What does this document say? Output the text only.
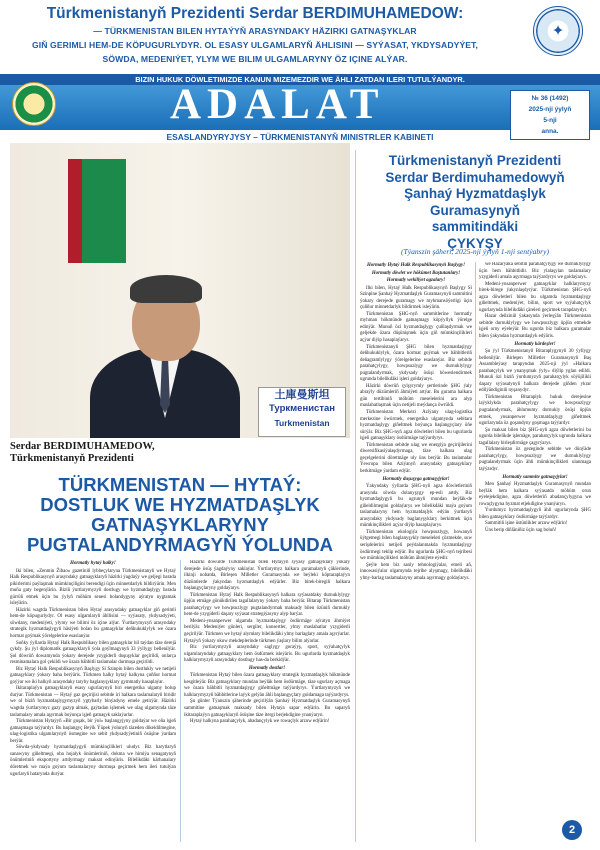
Türkmenistanyň Prezidenti Serdar BERDIMUHAMEDOW:
— TÜRKMENISTAN BILEN HYTAÝYŇ ARASYNDAKY HÄZIRKI GATNAŞYKLAR
GIŇ GERIMLI HEM-DE KÖPUGURLYDYR. OL ESASY ULGAMLARYŇ ÄHLISINI — SYÝASAT, YKDYSADYÝET,
SÖWDA, MEDENIÝET, YLYM WE BILIM ULGAMLARYNY ÖZ IÇINE ALÝAR.
✦
BIZIN HUKUK DÖWLETIMIZDE KANUN MIZEMEZDIR WE ÄHLI ZATDAN ILERI TUTULÝANDYR.
ADALAT	№ 36 (1492)
2025-nji ýylyň
5-nji
anna.
ESASLANDYRYJYSY – TÜRKMENISTANYŇ MINISTRLER KABINETI
土庫曼斯坦
Туркменистан
Turkmenistan
Serdar BERDIMUHAMEDOW,
Türkmenistanyň Prezidenti
TÜRKMENISTAN — HYTAÝ:
DOSTLUK WE HYZMATDAŞLYK
GATNAŞYKLARYNY
PUGTALANDYRMAGYŇ ÝOLUNDA
Türkmenistanyň Prezidenti
Serdar Berdimuhamedowyň
Şanhaý Hyzmatdaşlyk Guramasynyň
sammitindäki
ÇYKYŞY
(Týanszin şäheri, 2025-nji ýylyň 1-nji sentýabry)

Hormatly hytaý halky!

Iki bilen, «Zenmin Žibao» gazetiniň lybbeçylaryna Türkmenistanyň we Hytaý Halk Respublikasynyň arasyndaky gatnaşyklaryň häzirki ýagdaýy we geljegi barada pikirlerimi paýlaşmak mümkinçiligini berendigi üçin minnetdarlyk bildirýärin. Men muňa gaty begenýärin. Biziň ýurtlarymyzyň dostlugy we hyzmatdaşlygy barada gürrüň etmek üçin bu ýylyň möhüm senesi bolandygyny aýratyn nygtamak isleýärin.

Häzirki wagtda Türkmenistan bilen Hytaý arasyndaky gatnaşyklar giň gerimli hem-de köpugurlydyr. Ol esasy ulgamlaryň ähllisini — syýasaty, ykdysadyýeti, söwdany, medeniýeti, ylymy we bilimi öz içine alýar. Ýurtlarymyzyň arasyndaky strategik hyzmatdaşlygyň häsiýeti bolan bu gatnaşyklar deňhukuklylyk we özara hormat goýmak ýörelgelerine esaslanýar.

Soňky ýyllarda Hytaý Halk Respublikasy bilen gatnaşyklar hil taýdan täze derejä çykdy. Şu ýyl diplomatik gatnaşyklaryň ýola goýlmagynyň 33 ýyllygy bellenilýär. Şol döwrüň dowamynda ýokary derejede yzygiderli duşuşyklar geçirildi, onlarça resminamalara gol çekildi we özara bähbitli taslamalar durmuşa geçirildi.

Biz Hytaý Halk Respublikasynyň Başlygy Si Szinpin bilen dostlukly we netijeli gatnaşyklary ýokary baha berýäris. Türkmen halky hytaý halkyna çuňňur hormat goýýar we iki halkyň arasyndaky taryhy baglanyşyklary gymmatly hasaplaýar.

Ikitaraplaýyn gatnaşyklaryň esasy ugurlarynyň biri energetika ulgamy bolup durýar. Türkmenistan — Hytaý gaz geçirijisi sebitde iri halkara taslamalaryň biridir we ol biziň hyzmatdaşlygymyzyň ygtybarly binýadyny emele getirýär. Häzirki wagtda ýurtlarymyz gazy gazyp almak, gaýtadan işlemek we ulag ulgamynda täze taslamalary amala aşyrmak boýunça işjeň gatnaşyk saklaýarlar.

Türkmenistan Hytaýyň «Bir guşak, bir ýol» başlangyjyny goldaýar we oňa işjeň gatnaşmaga taýýardyr. Bu başlangyç Beýik Ýüpek ýolunyň täzeden dikeldilmegine, ulag-logistika ulgamlarynyň ösmegine we sebit ykdysadyýetiniň ösüşine ýardam berýär.

Söwda-ykdysady hyzmatdaşlygyň mümkinçilikleri uludyr. Biz harytlaryň sanawyny giňeltmegi, oba hojalyk önümleriniň, dokma we himiýa senagatynyň önümleriniň eksportyny artdyrmagy maksat edinýäris. Bilelikdäki kärhanalary döretmek we maýa goýum taslamalaryny durmuşa geçirmek hem ileri tutulýan ugurlaryň hatarynda durýar.

Häzirki döwürde Türkmenistan bilen Hytaýyň syýasy gatnaşyklary ýokary derejede ösüş ýagdaýyny saklaýar. Ýurtlarymyz halkara guramalaryň çäklerinde, ilkinji nobatda, Birleşen Milletler Guramasynda we beýleki köptaraplaýyn düzümlerde ýakyndan hyzmatdaşlyk edýärler. Biz birek-biregiň halkara başlangyçlaryny goldaýarys.

Türkmenistan Hytaý Halk Respublikasynyň halkara syýasatdaky durnuklylygy üpjün etmäge gönükdirilen tagallalaryny ýokary baha berýär. Bitarap Türkmenistan parahatçylygy we howpsuzlygy pugtalandyrmak maksady bilen özüniň durnukly hem-de yzygiderli daşary syýasat strategiýasyny alyp barýar.

Medeni-ynsanperwer ulgamda hyzmatdaşlygy ösdürmäge aýratyn ähmiýet berilýär. Medeniýet günleri, sergiler, konsertler, ylmy maslahatlar yzygiderli geçirilýär. Türkmen we hytaý alymlary bilelikdäki ylmy barlaglary amala aşyrýarlar. Hytaýyň ýokary okuw mekdeplerinde türkmen ýaşlary bilim alýarlar.

Biz ýurtlarymyzyň arasyndaky saglygy goraýyş, sport, syýahatçylyk ulgamlaryndaky gatnaşyklary hem ösdürmek isleýäris. Bu ugurlarda hyzmatdaşlyk halklarymyzyň arasyndaky dostlugy has-da berkidýär.

Hormatly dostlar!

Türkmenistan Hytaý bilen özara gatnaşyklary strategik hyzmatdaşlyk hökmünde kesgitleýär. Biz gatnaşyklary mundan beýläk hem ösdürmäge, täze ugurlary açmaga we özara bähbitli hyzmatdaşlygy giňeltmäge taýýardyrys. Ýurtlarymyzyň we halklarymyzyň bähbitlerine laýyk gelýän ähli başlangyçlary goldamaga taýýardyrys.

Şu günler Týanszin şäherinde geçirilýän Şanhaý Hyzmatdaşlyk Guramasynyň sammitine gatnaşmak maksady bilen Hytaýa sapar edýärin. Bu saparyň ikitaraplaýyn gatnaşyklaryň ösüşine täze itergi berjekdigine ynanýaryn.

Hytaý halkyna parahatçylyk, abadançylyk we rowaçlyk arzuw edýärin!

Hormatly Hytaý Halk Respublikasynyň Başlygy!

Hormatly döwlet we hökümet Baştutanlary!

Hormatly wekiliýet agzalary!

Ilki bilen, Hytaý Halk Respublikasynyň Başlygy Si Szinpine Şanhaý Hyzmatdaşlyk Guramasynyň sammitini ýokary derejede guramagy we myhmansöýerligi üçin çuňňur minnetdarlyk bildirmek isleýärin.

Türkmenistan ŞHG-nyň sammitlerine hormatly myhman hökmünde gatnaşmagy köpýyllyk ýörelge edinýär. Munuň özi hyzmatdaşlygy çuňlaşdyrmak we geljekde özara düşünişmek üçin giň mümkinçilikleri açýar diýip hasaplaýarys.

Türkmenistanyň ŞHG bilen hyzmatdaşlygy deňhukuklylyk, özara hormat goýmak we bähbitleriň deňagramlylygy ýörelgelerine esaslanýar. Biz sebitde parahatçylygy, howpsuzlygy we durnuklylygy pugtalandyrmak, ykdysady ösüşi höweslendirmek ugrunda bilelikdäki işleri goldaýarys.

Häzirki döwrüň çylşyrymly şertlerinde ŞHG ýaly abraýly düzümleriň ähmiýeti artýar. Bu gurama halkara gün tertibiniň möhüm meselelerini ara alyp maslahatlaşmak üçin netijeli meýdança öwrüldi.

Türkmenistan Merkezi Aziýany ulag-logistika merkezine öwürmek, energetika ulgamynda sebitara hyzmatdaşlygy giňeltmek boýunça başlangyçlary öňe sürýär. Biz ŞHG-nyň agza döwletleri bilen bu ugurlarda işjeň gatnaşyklary ösdürmäge taýýardyrys.

Türkmenistan sebitde ulag we energiýa geçirijilerini diwersifikasiýalaşdyrmaga, täze halkara ulag geçelgelerini döretmäge uly üns berýär. Bu taslamalar Ýewropa bilen Aziýanyň arasyndaky gatnaşyklary berkitmäge ýardam edýär.

Hormatly duşuşyga gatnaşyjylar!

Ýakyndaky ýyllarda ŞHG-nyň agza döwletleriniň arasynda söwda dolanyşygy ep-esli artdy. Biz hyzmatdaşlygyň bu ugrunyň mundan beýläk-de giňeldilmegini goldaýarys we bilelikdäki maýa goýum taslamalaryny hem hyzmatdaşlyk edýän ýurtlaryň arasyndaky ykdysady baglanyşyklary berkitmek üçin mümkinçilikleri açýar diýip hasaplaýarys.

Türkmenistan ekologiýa howpsuzlygy, howanyň üýtgemegi bilen baglanyşykly meseleleri çözmekde, suw serişdelerini netijeli peýdalanmakda hyzmatdaşlygy ösdürmegi teklip edýär. Bu ugurlarda ŞHG-nyň tejribesi we mümkinçilikleri möhüm ähmiýete eýedir.

Şeýle hem biz sanly tehnologiýalar, emeli aň, innowasiýalar ulgamynda tejribe alyşmagy, bilelikdäki ylmy-barlag taslamalaryny amala aşyrmagy goldaýarys.

we Hazarýaka sebitiň parahatçylygy we durnuklylygy üçin hem bähbitlidir. Biz ylalaşylan taslamalary yzygiderli amala aşyrmaga taýýardyrys we goldaýarys.

Medeni-ynsanperwer gatnaşyklar halklarymyzy birek-birege ýakynlaşdyrýar. Türkmenistan ŞHG-nyň agza döwletleri bilen bu ulgamda hyzmatdaşlygy giňeltmek, medeniýet, bilim, sport we syýahatçylyk ugurlarynda bilelikdäki çäreleri geçirmek tarapdarydyr.

Hazar deňziniň ýakasynda ýerleşýän Türkmenistan sebitde durnuklylygy we howpsuzlygy üpjün etmekde işjeň orny eýeleýär. Bu ugurda biz halkara guramalar bilen ýakyndan hyzmatdaşlyk edýäris.

Hormatly kärdeşler!

Şu ýyl Türkmenistanyň Bitaraplygynyň 30 ýyllygy bellenilýär. Birleşen Milletler Guramasynyň Baş Assambleýasy tarapyndan 2025-nji ýyl «Halkara parahatçylyk we ynanyşmak ýyly» diýlip yglan edildi. Munuň özi biziň ýurdumyzyň parahatçylyk söýüjilikli daşary syýasatynyň halkara derejede giňden ykrar edilýändiginiň nyşanydyr.

Türkmenistan Bitaraplyk hukuk derejesine laýyklykda parahatçylygy we howpsuzlygy pugtalandyrmak, ählumumy durnukly ösüşi üpjün etmek, ynsanperwer hyzmatdaşlygy giňeltmek ugurlarynda öz goşandyny goşmaga taýýardyr.

Şu maksat bilen biz ŞHG-nyň agza döwletlerini bu ugurda bilelikde işlemäge, parahatçylyk ugrunda halkara tagallalary birleşdirmäge çagyrýarys.

Türkmenistan öz gezeginde sebitde we dünýäde parahatçylygy, howpsuzlygy we durnuklylygy pugtalandyrmak üçin ähli mümkinçilikleri ulanmaga taýýardyr.

Hormatly sammite gatnaşyjylar!

Men Şanhaý Hyzmatdaşlyk Guramasynyň mundan beýläk hem halkara syýasatda möhüm orun eýelejekdigine, agza döwletleriň abadançylygyna we rowaçlygyna hyzmat etjekdigine ynanýaryn.

Ýurdumyz hyzmatdaşlygyň ähli ugurlarynda ŞHG bilen gatnaşyklary ösdürmäge taýýardyr.

Sammitiň işine üstünlikler arzuw edýärin!

Üns berip diňläniňiz üçin sag boluň!

2
